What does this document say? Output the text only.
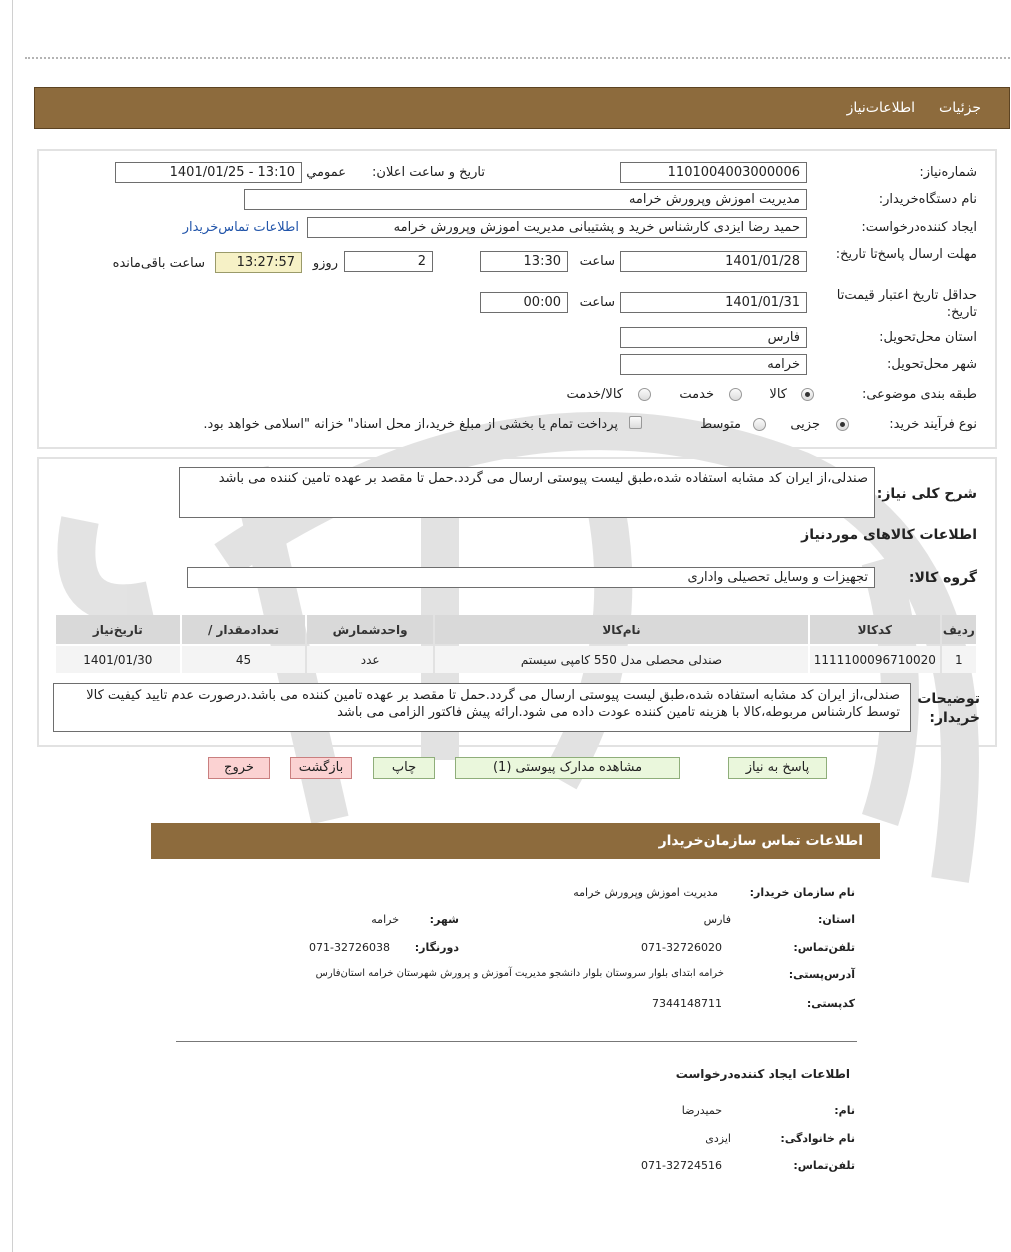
جزئیات
اطلاعات‌نیاز
شماره‌نیاز:
1101004003000006
تاریخ و ساعت اعلان:
عمومي
1401/01/25 - 13:10
نام دستگاه‌خریدار:
مدیریت اموزش وپرورش خرامه
ایجاد کننده‌درخواست:
حمید رضا ایزدی کارشناس خرید و پشتیبانی مدیریت اموزش وپرورش خرامه
اطلاعات تماس‌خریدار
مهلت ارسال پاسخ‌تا تاریخ:
1401/01/28
ساعت
13:30
2
روزو
13:27:57
ساعت باقی‌مانده
حداقل تاریخ اعتبار قیمت‌تا تاریخ:
1401/01/31
ساعت
00:00
استان محل‌تحویل:
فارس
شهر محل‌تحویل:
خرامه
طبقه بندی موضوعی:
کالا
خدمت
کالا/خدمت
نوع فرآیند خرید:
جزیی
متوسط
پرداخت تمام یا بخشی از مبلغ خرید،از محل اسناد" خزانه "اسلامی خواهد بود.
شرح کلی نیاز:
صندلی،از ایران کد مشابه استفاده شده،طبق لیست پیوستی ارسال می گردد.حمل تا مقصد بر عهده تامین کننده می باشد
اطلاعات کالاهای مورد‌نیاز
گروه کالا:
تجهیزات و وسایل تحصیلی واداری
ردیف	کدکالا	نام‌کالا	واحدشمارش	تعداد‌مقدار /	تاریخ‌نیاز
1	1111100096710020	صندلی محصلی مدل 550 کامپی سیستم	عدد	45	1401/01/30
توضیحات خریدار:
صندلی،از ایران کد مشابه استفاده شده،طبق لیست پیوستی ارسال می گردد.حمل تا مقصد بر عهده تامین کننده می باشد.درصورت عدم تایید کیفیت کالا توسط کارشناس مربوطه،کالا با هزینه تامین کننده عودت داده می شود.ارائه پیش فاکتور الزامی می باشد
پاسخ به نیاز
مشاهده مدارک پیوستی (1)
چاپ
بازگشت
خروج
اطلاعات تماس سازمان‌خریدار
نام سازمان خریدار:
مدیریت اموزش وپرورش خرامه
استان:
فارس
شهر:
خرامه
تلفن‌تماس:
071-32726020
دورنگار:
071-32726038
آدرس‌پستی:
خرامه ابتدای بلوار سروستان بلوار دانشجو مدیریت آموزش و پرورش شهرستان خرامه استان‌فارس
کدپستی:
7344148711
اطلاعات ایجاد کننده‌درخواست
نام:
حمیدرضا
نام خانوادگی:
ایزدی
تلفن‌تماس:
071-32724516
